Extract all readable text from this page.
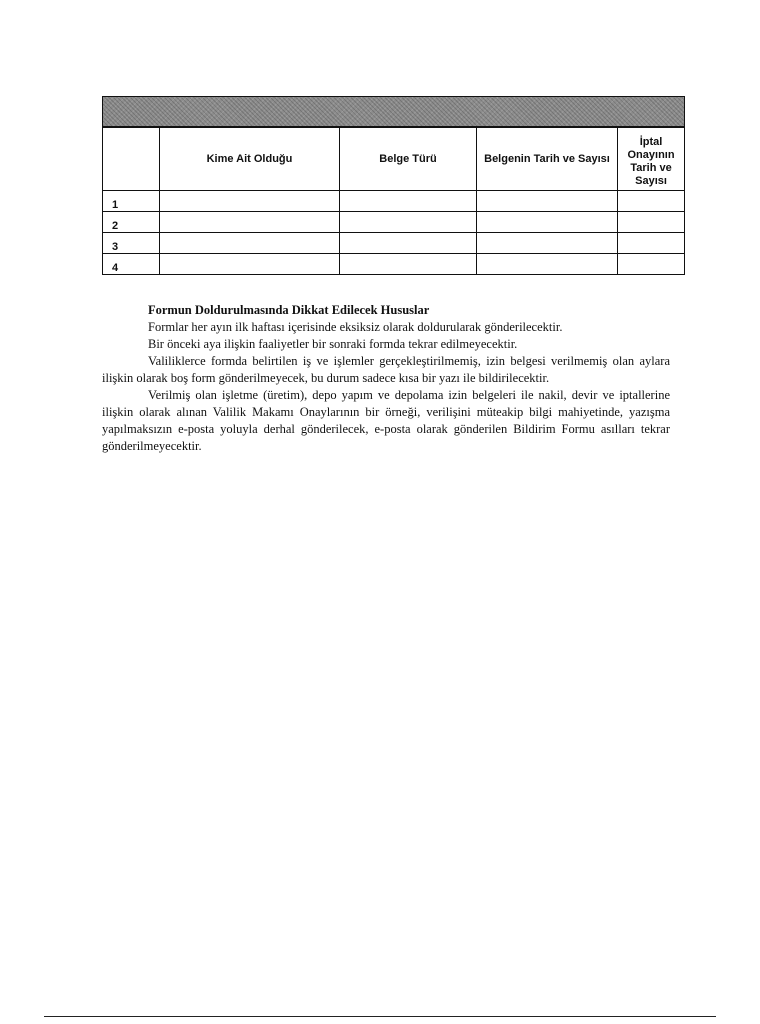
	Kime Ait Olduğu	Belge Türü	Belgenin Tarih ve Sayısı	İptal Onayının Tarih ve Sayısı
1				
2				
3				
4				
Formun Doldurulmasında Dikkat Edilecek Hususlar

Formlar her ayın ilk haftası içerisinde eksiksiz olarak doldurularak gönderilecektir.

Bir önceki aya ilişkin faaliyetler bir sonraki formda tekrar edilmeyecektir.

Valiliklerce formda belirtilen iş ve işlemler gerçekleştirilmemiş, izin belgesi verilmemiş olan aylara ilişkin olarak boş form gönderilmeyecek, bu durum sadece kısa bir yazı ile bildirilecektir.

Verilmiş olan işletme (üretim), depo yapım ve depolama izin belgeleri ile nakil, devir ve iptallerine ilişkin olarak alınan Valilik Makamı Onaylarının bir örneği, verilişini müteakip bilgi mahiyetinde, yazışma yapılmaksızın e-posta yoluyla derhal gönderilecek, e-posta olarak gönderilen Bildirim Formu asılları tekrar gönderilmeyecektir.
